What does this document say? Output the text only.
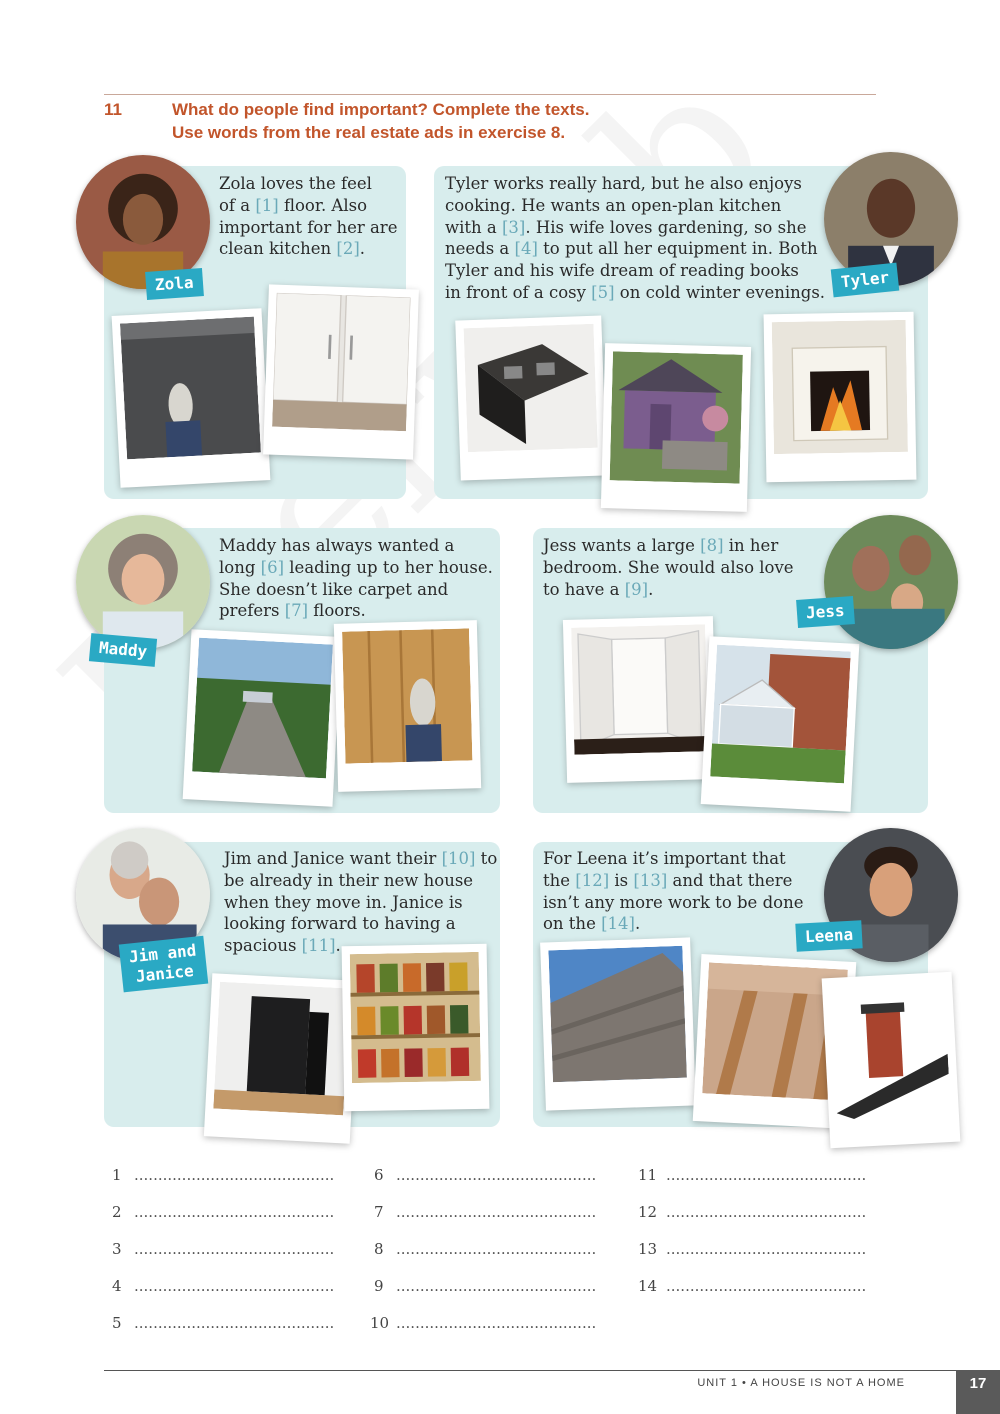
11	What do people find important? Complete the texts.
Use words from the real estate ads in exercise 8.
Zola loves the feel
of a [1] floor. Also
important for her are
clean kitchen [2].
Zola
Tyler works really hard, but he also enjoys
cooking. He wants an open-plan kitchen
with a [3]. His wife loves gardening, so she
needs a [4] to put all her equipment in. Both
Tyler and his wife dream of reading books
in front of a cosy [5] on cold winter evenings.
Tyler
Maddy has always wanted a
long [6] leading up to her house.
She doesn’t like carpet and
prefers [7] floors.
Maddy
Jess wants a large [8] in her
bedroom. She would also love
to have a [9].
Jess
Jim and Janice want their [10] to
be already in their new house
when they move in. Janice is
looking forward to having a
spacious [11].
Jim and
Janice
For Leena it’s important that
the [12] is [13] and that there
isn’t any more work to be done
on the [14].
Leena
1 ..........................................
2 ..........................................
3 ..........................................
4 ..........................................
5 ..........................................
6 ..........................................
7 ..........................................
8 ..........................................
9 ..........................................
10 ..........................................
11 ..........................................
12 ..........................................
13 ..........................................
14 ..........................................
UNIT 1 • A HOUSE IS NOT A HOME	17
